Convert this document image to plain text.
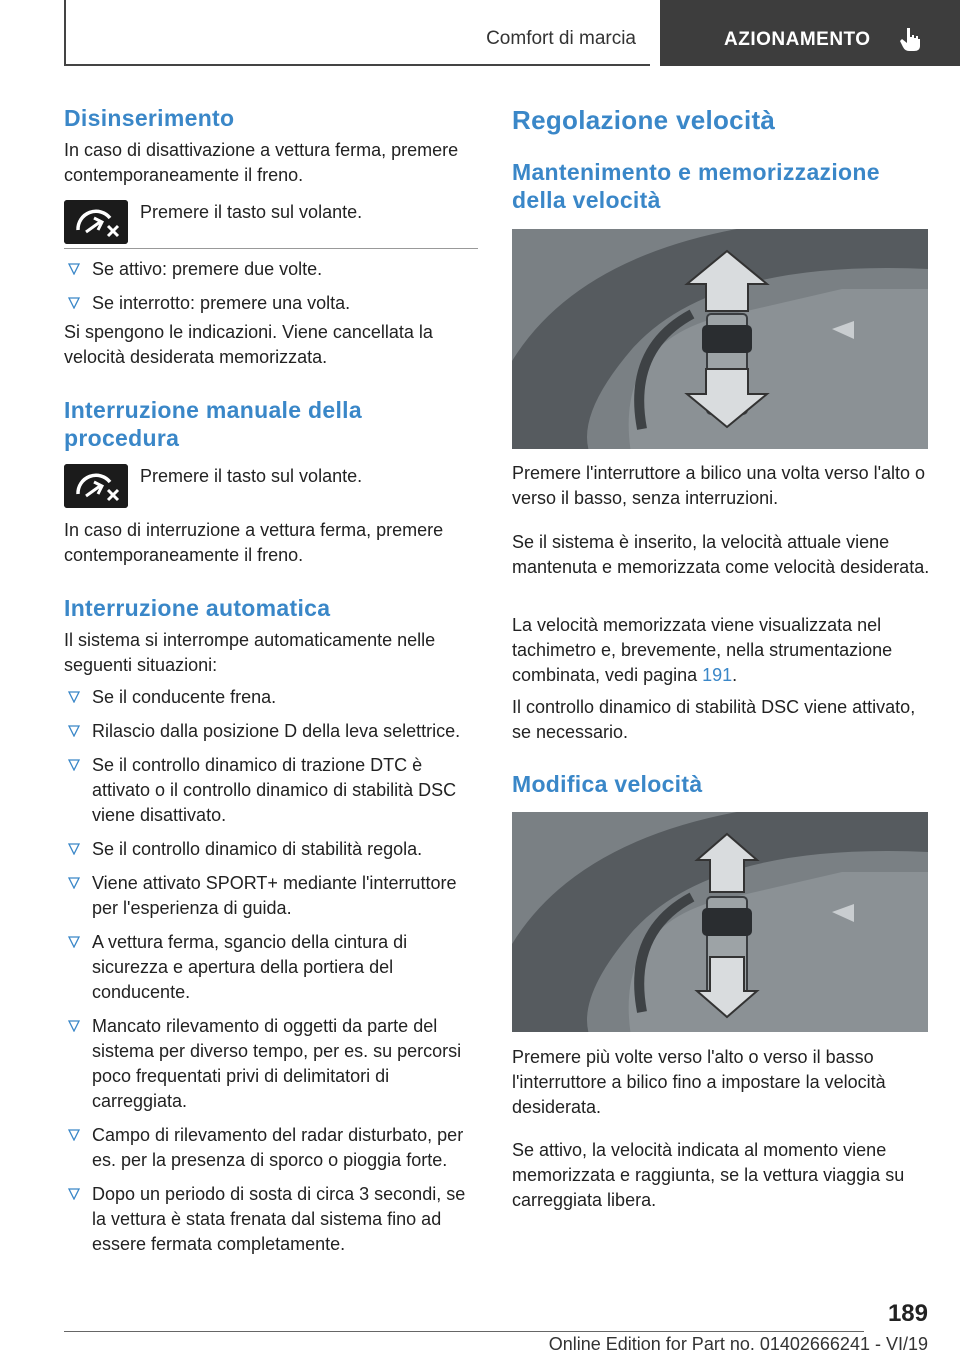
Comfort di marcia	AZIONAMENTO
Disinserimento

In caso di disattivazione a vettura ferma, premere contemporaneamente il freno.

Premere il tasto sul volante.
Se attivo: premere due volte.
Se interrotto: premere una volta.

Si spengono le indicazioni. Viene cancellata la velocità desiderata memorizzata.

Interruzione manuale della procedura
Premere il tasto sul volante.

In caso di interruzione a vettura ferma, premere contemporaneamente il freno.

Interruzione automatica

Il sistema si interrompe automaticamente nelle seguenti situazioni:

Se il conducente frena.
Rilascio dalla posizione D della leva selettrice.
Se il controllo dinamico di trazione DTC è attivato o il controllo dinamico di stabilità DSC viene disattivato.
Se il controllo dinamico di stabilità regola.
Viene attivato SPORT+ mediante l'interruttore per l'esperienza di guida.
A vettura ferma, sgancio della cintura di sicurezza e apertura della portiera del conducente.
Mancato rilevamento di oggetti da parte del sistema per diverso tempo, per es. su percorsi poco frequentati privi di delimitatori di carreggiata.
Campo di rilevamento del radar disturbato, per es. per la presenza di sporco o pioggia forte.
Dopo un periodo di sosta di circa 3 secondi, se la vettura è stata frenata dal sistema fino ad essere fermata completamente.
Regolazione velocità
Mantenimento e memorizzazione della velocità

Premere l'interruttore a bilico una volta verso l'alto o verso il basso, senza interruzioni.

Se il sistema è inserito, la velocità attuale viene mantenuta e memorizzata come velocità desiderata.

La velocità memorizzata viene visualizzata nel tachimetro e, brevemente, nella strumentazione combinata, vedi pagina 191.

Il controllo dinamico di stabilità DSC viene attivato, se necessario.

Modifica velocità

Premere più volte verso l'alto o verso il basso l'interruttore a bilico fino a impostare la velocità desiderata.

Se attivo, la velocità indicata al momento viene memorizzata e raggiunta, se la vettura viaggia su carreggiata libera.

189
Online Edition for Part no. 01402666241 - VI/19
